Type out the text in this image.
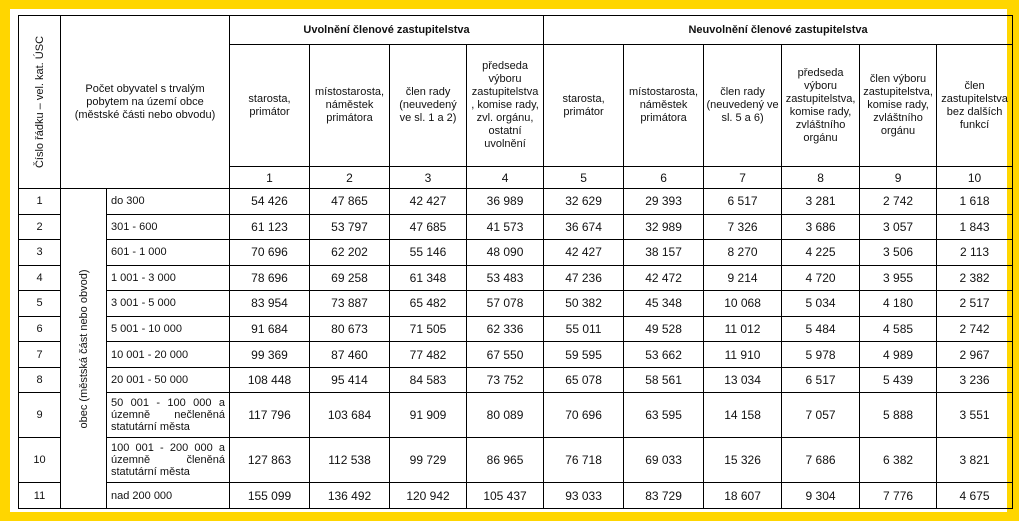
Číslo řádku – vel. kat. ÚSC	Počet obyvatel s trvalým pobytem na území obce (městské části nebo obvodu)		Uvolnění členové zastupitelstva				Neuvolnění členové zastupitelstva					
			starosta, primátor	místostarosta, náměstek primátora	člen rady (neuvedený ve sl. 1 a 2)	předseda výboru zastupitelstva , komise rady, zvl. orgánu, ostatní uvolnění	starosta, primátor	místostarosta, náměstek primátora	člen rady (neuvedený ve sl. 5 a 6)	předseda výboru zastupitelstva, komise rady, zvláštního orgánu	člen výboru zastupitelstva, komise rady, zvláštního orgánu	člen zastupitelstva bez dalších funkcí
			1	2	3	4	5	6	7	8	9	10
1	obec (městská část nebo obvod)	do 300	54 426	47 865	42 427	36 989	32 629	29 393	6 517	3 281	2 742	1 618
2		301 - 600	61 123	53 797	47 685	41 573	36 674	32 989	7 326	3 686	3 057	1 843
3		601 - 1 000	70 696	62 202	55 146	48 090	42 427	38 157	8 270	4 225	3 506	2 113
4		1 001 - 3 000	78 696	69 258	61 348	53 483	47 236	42 472	9 214	4 720	3 955	2 382
5		3 001 - 5 000	83 954	73 887	65 482	57 078	50 382	45 348	10 068	5 034	4 180	2 517
6		5 001 - 10 000	91 684	80 673	71 505	62 336	55 011	49 528	11 012	5 484	4 585	2 742
7		10 001 - 20 000	99 369	87 460	77 482	67 550	59 595	53 662	11 910	5 978	4 989	2 967
8		20 001 - 50 000	108 448	95 414	84 583	73 752	65 078	58 561	13 034	6 517	5 439	3 236
9		50 001 - 100 000 a územně nečleněná statutární města	117 796	103 684	91 909	80 089	70 696	63 595	14 158	7 057	5 888	3 551
10		100 001 - 200 000 a územně členěná statutární města	127 863	112 538	99 729	86 965	76 718	69 033	15 326	7 686	6 382	3 821
11		nad 200 000	155 099	136 492	120 942	105 437	93 033	83 729	18 607	9 304	7 776	4 675
